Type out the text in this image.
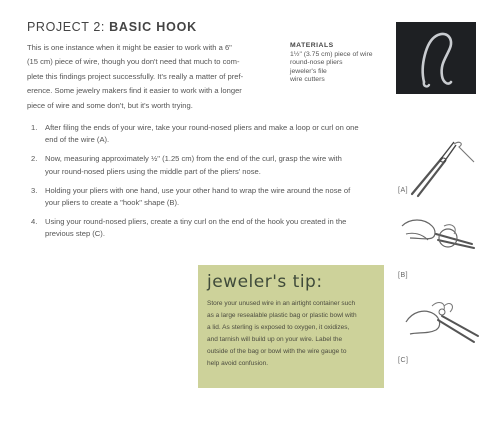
PROJECT 2: BASIC HOOK
This is one instance when it might be easier to work with a 6"
(15 cm) piece of wire, though you don't need that much to com-
plete this findings project successfully. It's really a matter of pref-
erence. Some jewelry makers find it easier to work with a longer
piece of wire and some don't, but it's worth trying.
MATERIALS
1½" (3.75 cm) piece of wire
round-nose pliers
jeweler's file
wire cutters
1. After filing the ends of your wire, take your round-nosed pliers and make a loop or curl on one
end of the wire (A).
2. Now, measuring approximately ½" (1.25 cm) from the end of the curl, grasp the wire with
your round-nosed pliers using the middle part of the pliers' nose.
3. Holding your pliers with one hand, use your other hand to wrap the wire around the nose of
your pliers to create a "hook" shape (B).
4. Using your round-nosed pliers, create a tiny curl on the end of the hook you created in the
previous step (C).
jeweler's tip:
Store your unused wire in an airtight container such
as a large resealable plastic bag or plastic bowl with
a lid. As sterling is exposed to oxygen, it oxidizes,
and tarnish will build up on your wire. Label the
outside of the bag or bowl with the wire gauge to
help avoid confusion.
[A]
[B]
[C]
